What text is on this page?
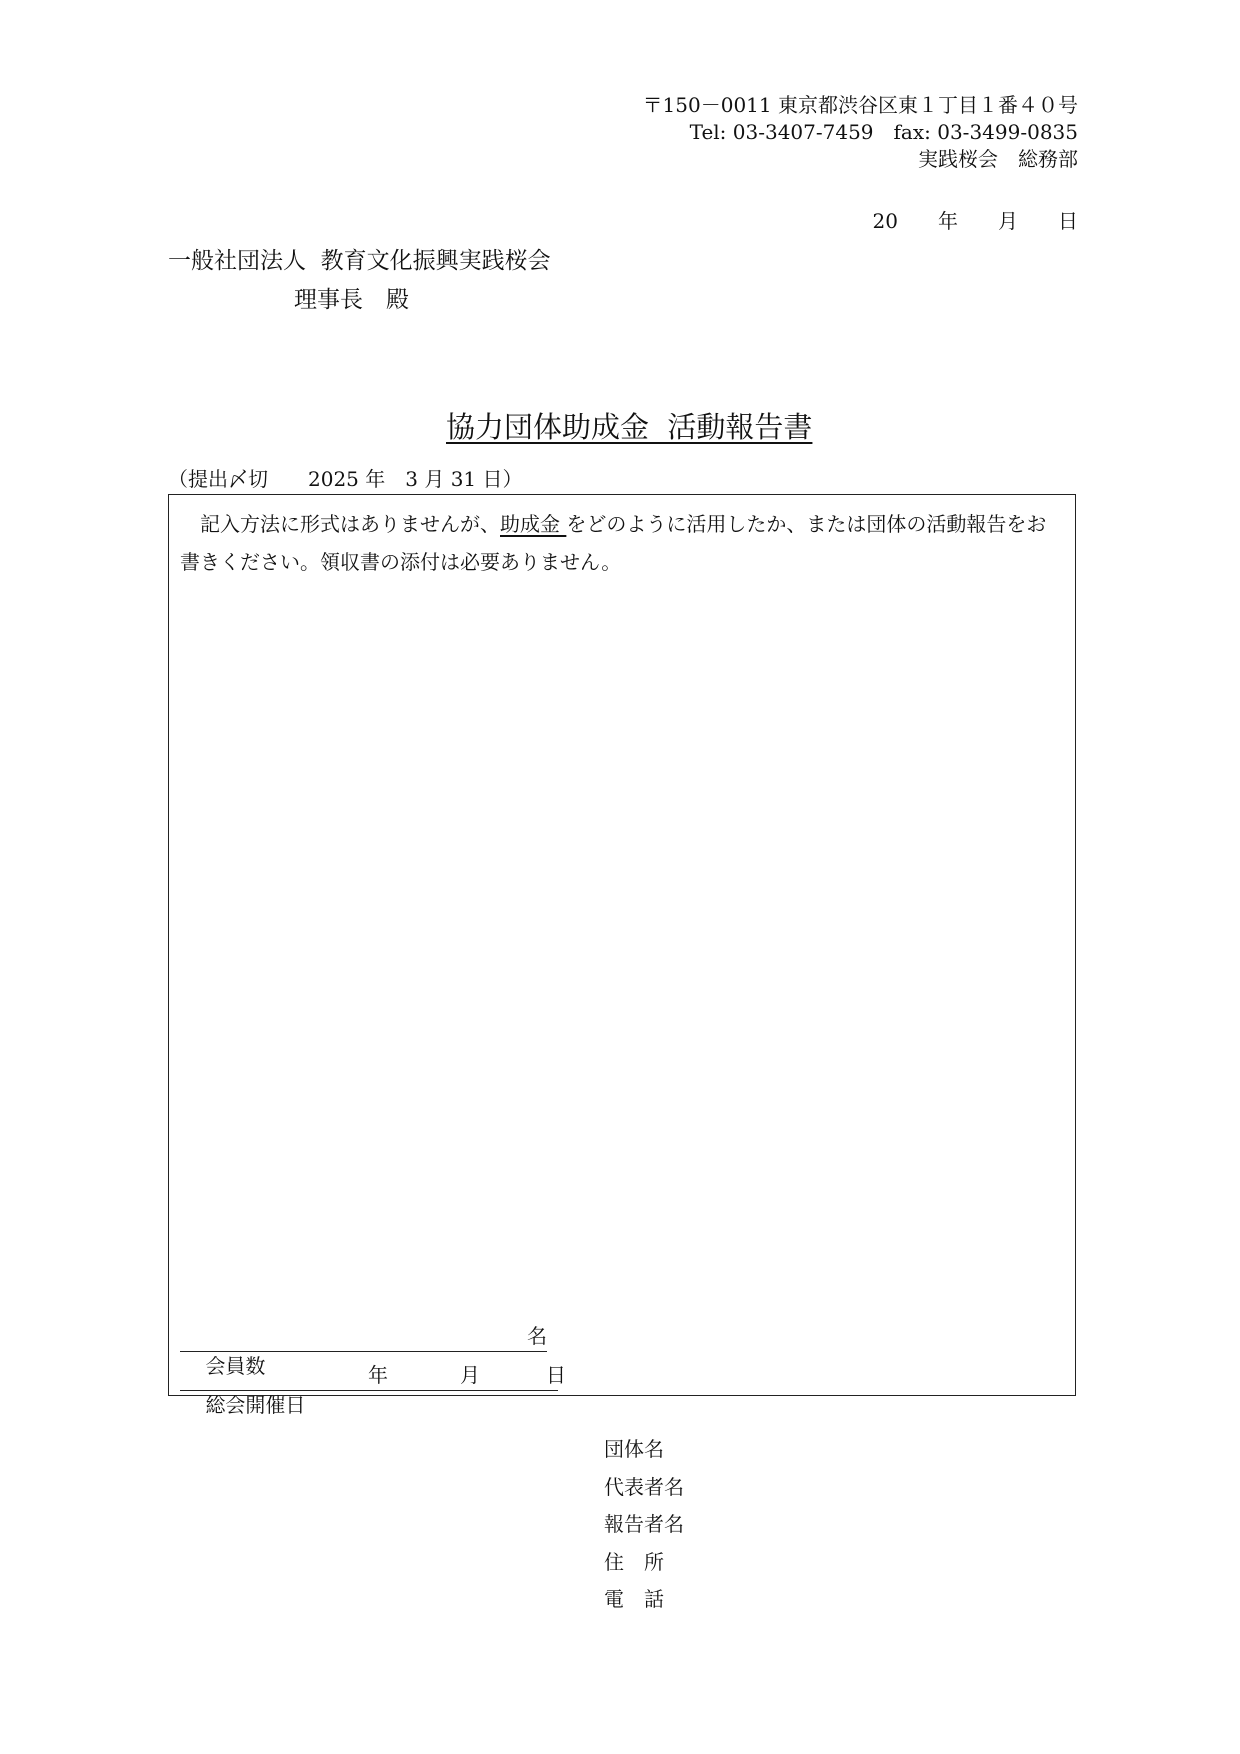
〒150－0011 東京都渋谷区東１丁目１番４０号
Tel: 03-3407-7459　fax: 03-3499-0835
実践桜会　総務部
20　　年　　月　　日
一般社団法人  教育文化振興実践桜会
理事長　殿

協力団体助成金  活動報告書

（提出〆切　　2025 年　3 月 31 日）
　記入方法に形式はありませんが、助成金 をどのように活用したか、または団体の活動報告をお書きください。領収書の添付は必要ありません。

会員数

名

総会開催日

年

	月

	日

団体名
代表者名
報告者名
住　所
電　話
